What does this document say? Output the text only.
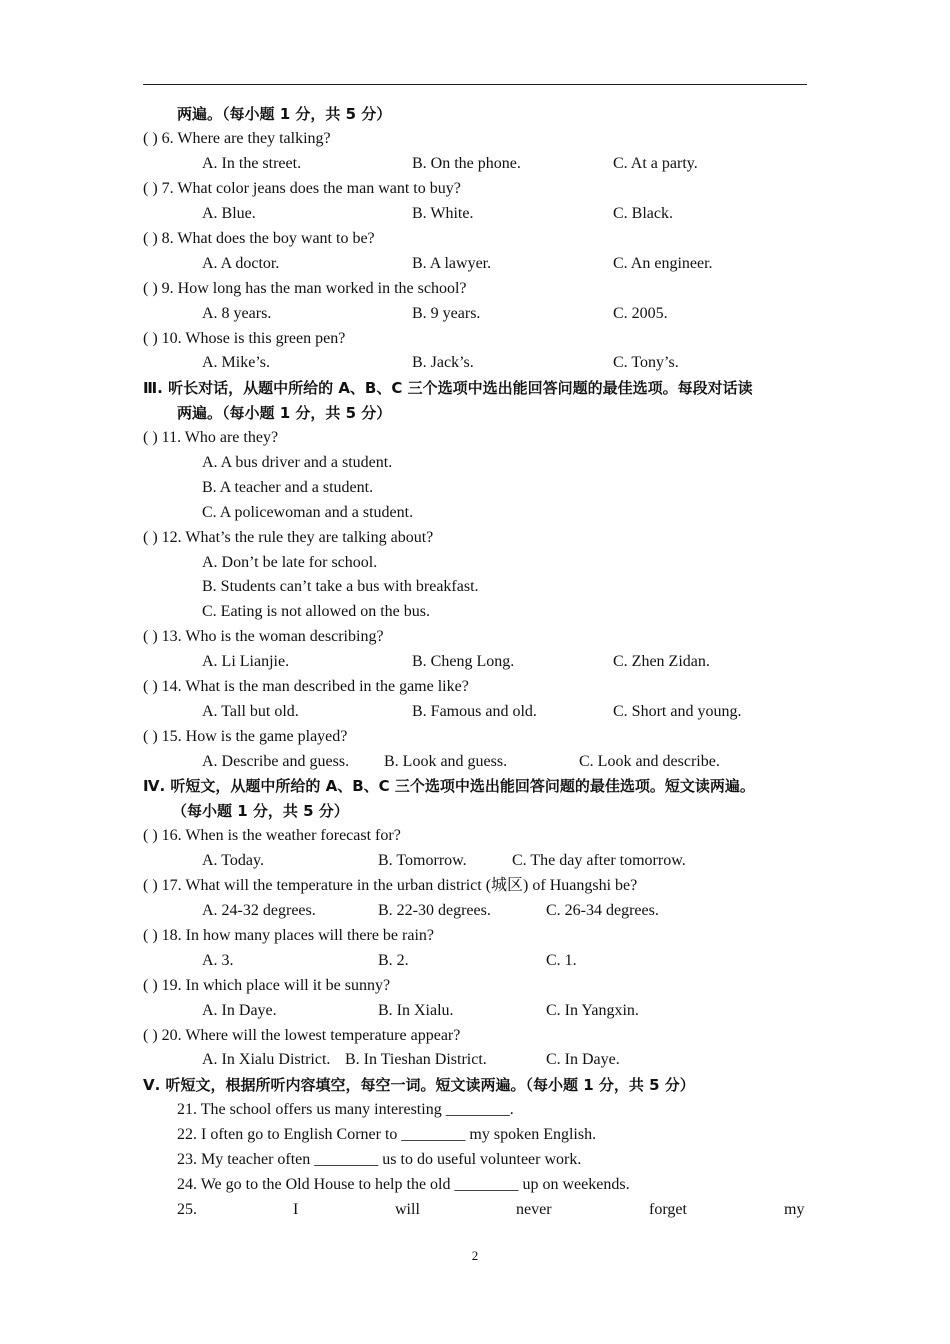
两遍。（每小题 1 分，共 5 分）
( ) 6. Where are they talking?
A. In the street.	B. On the phone.	C. At a party.
( ) 7. What color jeans does the man want to buy?
A. Blue.	B. White.	C. Black.
( ) 8. What does the boy want to be?
A. A doctor.	B. A lawyer.	C. An engineer.
( ) 9. How long has the man worked in the school?
A. 8 years.	B. 9 years.	C. 2005.
( ) 10. Whose is this green pen?
A. Mike’s.	B. Jack’s.	C. Tony’s.
Ⅲ. 听长对话，从题中所给的 A、B、C 三个选项中选出能回答问题的最佳选项。每段对话读
两遍。（每小题 1 分，共 5 分）
( ) 11. Who are they?
A. A bus driver and a student.
B. A teacher and a student.
C. A policewoman and a student.
( ) 12. What’s the rule they are talking about?
A. Don’t be late for school.
B. Students can’t take a bus with breakfast.
C. Eating is not allowed on the bus.
( ) 13. Who is the woman describing?
A. Li Lianjie.	B. Cheng Long.	C. Zhen Zidan.
( ) 14. What is the man described in the game like?
A. Tall but old.	B. Famous and old.	C. Short and young.
( ) 15. How is the game played?
A. Describe and guess. B. Look and guess.	C. Look and describe.
Ⅳ. 听短文，从题中所给的 A、B、C 三个选项中选出能回答问题的最佳选项。短文读两遍。
（每小题 1 分，共 5 分）
( ) 16. When is the weather forecast for?
A. Today.	B. Tomorrow.	C. The day after tomorrow.
( ) 17. What will the temperature in the urban district (城区) of Huangshi be?
A. 24-32 degrees.	B. 22-30 degrees.	C. 26-34 degrees.
( ) 18. In how many places will there be rain?
A. 3.	B. 2.	C. 1.
( ) 19. In which place will it be sunny?
A. In Daye.	B. In Xialu.	C. In Yangxin.
( ) 20. Where will the lowest temperature appear?
A. In Xialu District. B. In Tieshan District.	C. In Daye.
Ⅴ. 听短文，根据所听内容填空，每空一词。短文读两遍。（每小题 1 分，共 5 分）
21. The school offers us many interesting ________.
22. I often go to English Corner to ________ my spoken English.
23. My teacher often ________ us to do useful volunteer work.
24. We go to the Old House to help the old ________ up on weekends.
25.	I	will	never	forget	my
2
